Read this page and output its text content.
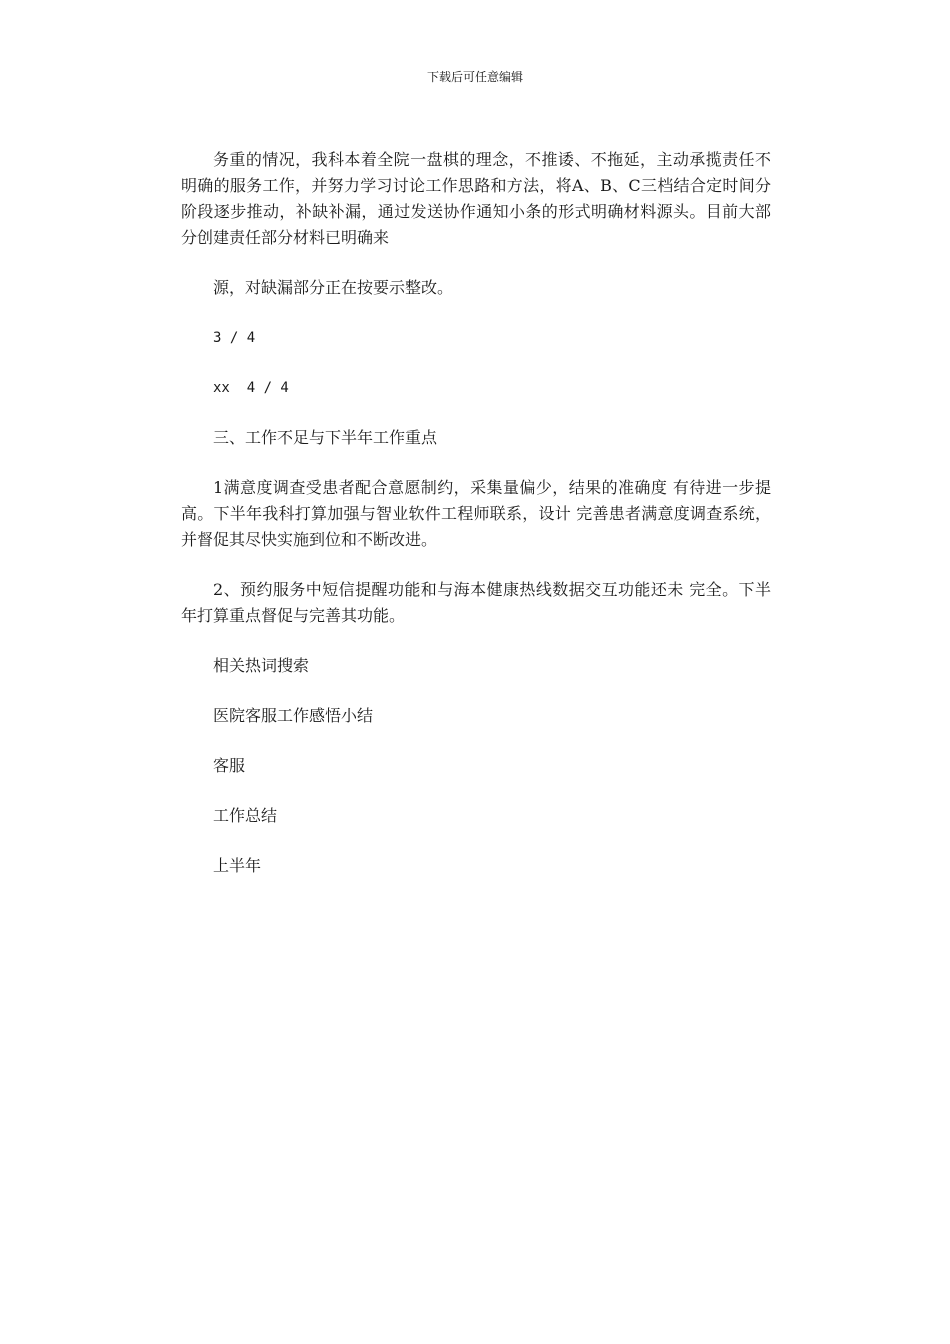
下载后可任意编辑

务重的情况，我科本着全院一盘棋的理念，不推诿、不拖延，主动承揽责任不明确的服务工作，并努力学习讨论工作思路和方法，将A、B、C三档结合定时间分阶段逐步推动，补缺补漏，通过发送协作通知小条的形式明确材料源头。目前大部分创建责任部分材料已明确来

源，对缺漏部分正在按要示整改。

3 / 4

xx  4 / 4

三、工作不足与下半年工作重点

1满意度调查受患者配合意愿制约，采集量偏少，结果的准确度 有待进一步提高。下半年我科打算加强与智业软件工程师联系，设计 完善患者满意度调查系统，并督促其尽快实施到位和不断改进。

2、预约服务中短信提醒功能和与海本健康热线数据交互功能还未 完全。下半年打算重点督促与完善其功能。

相关热词搜索

医院客服工作感悟小结

客服

工作总结

上半年
